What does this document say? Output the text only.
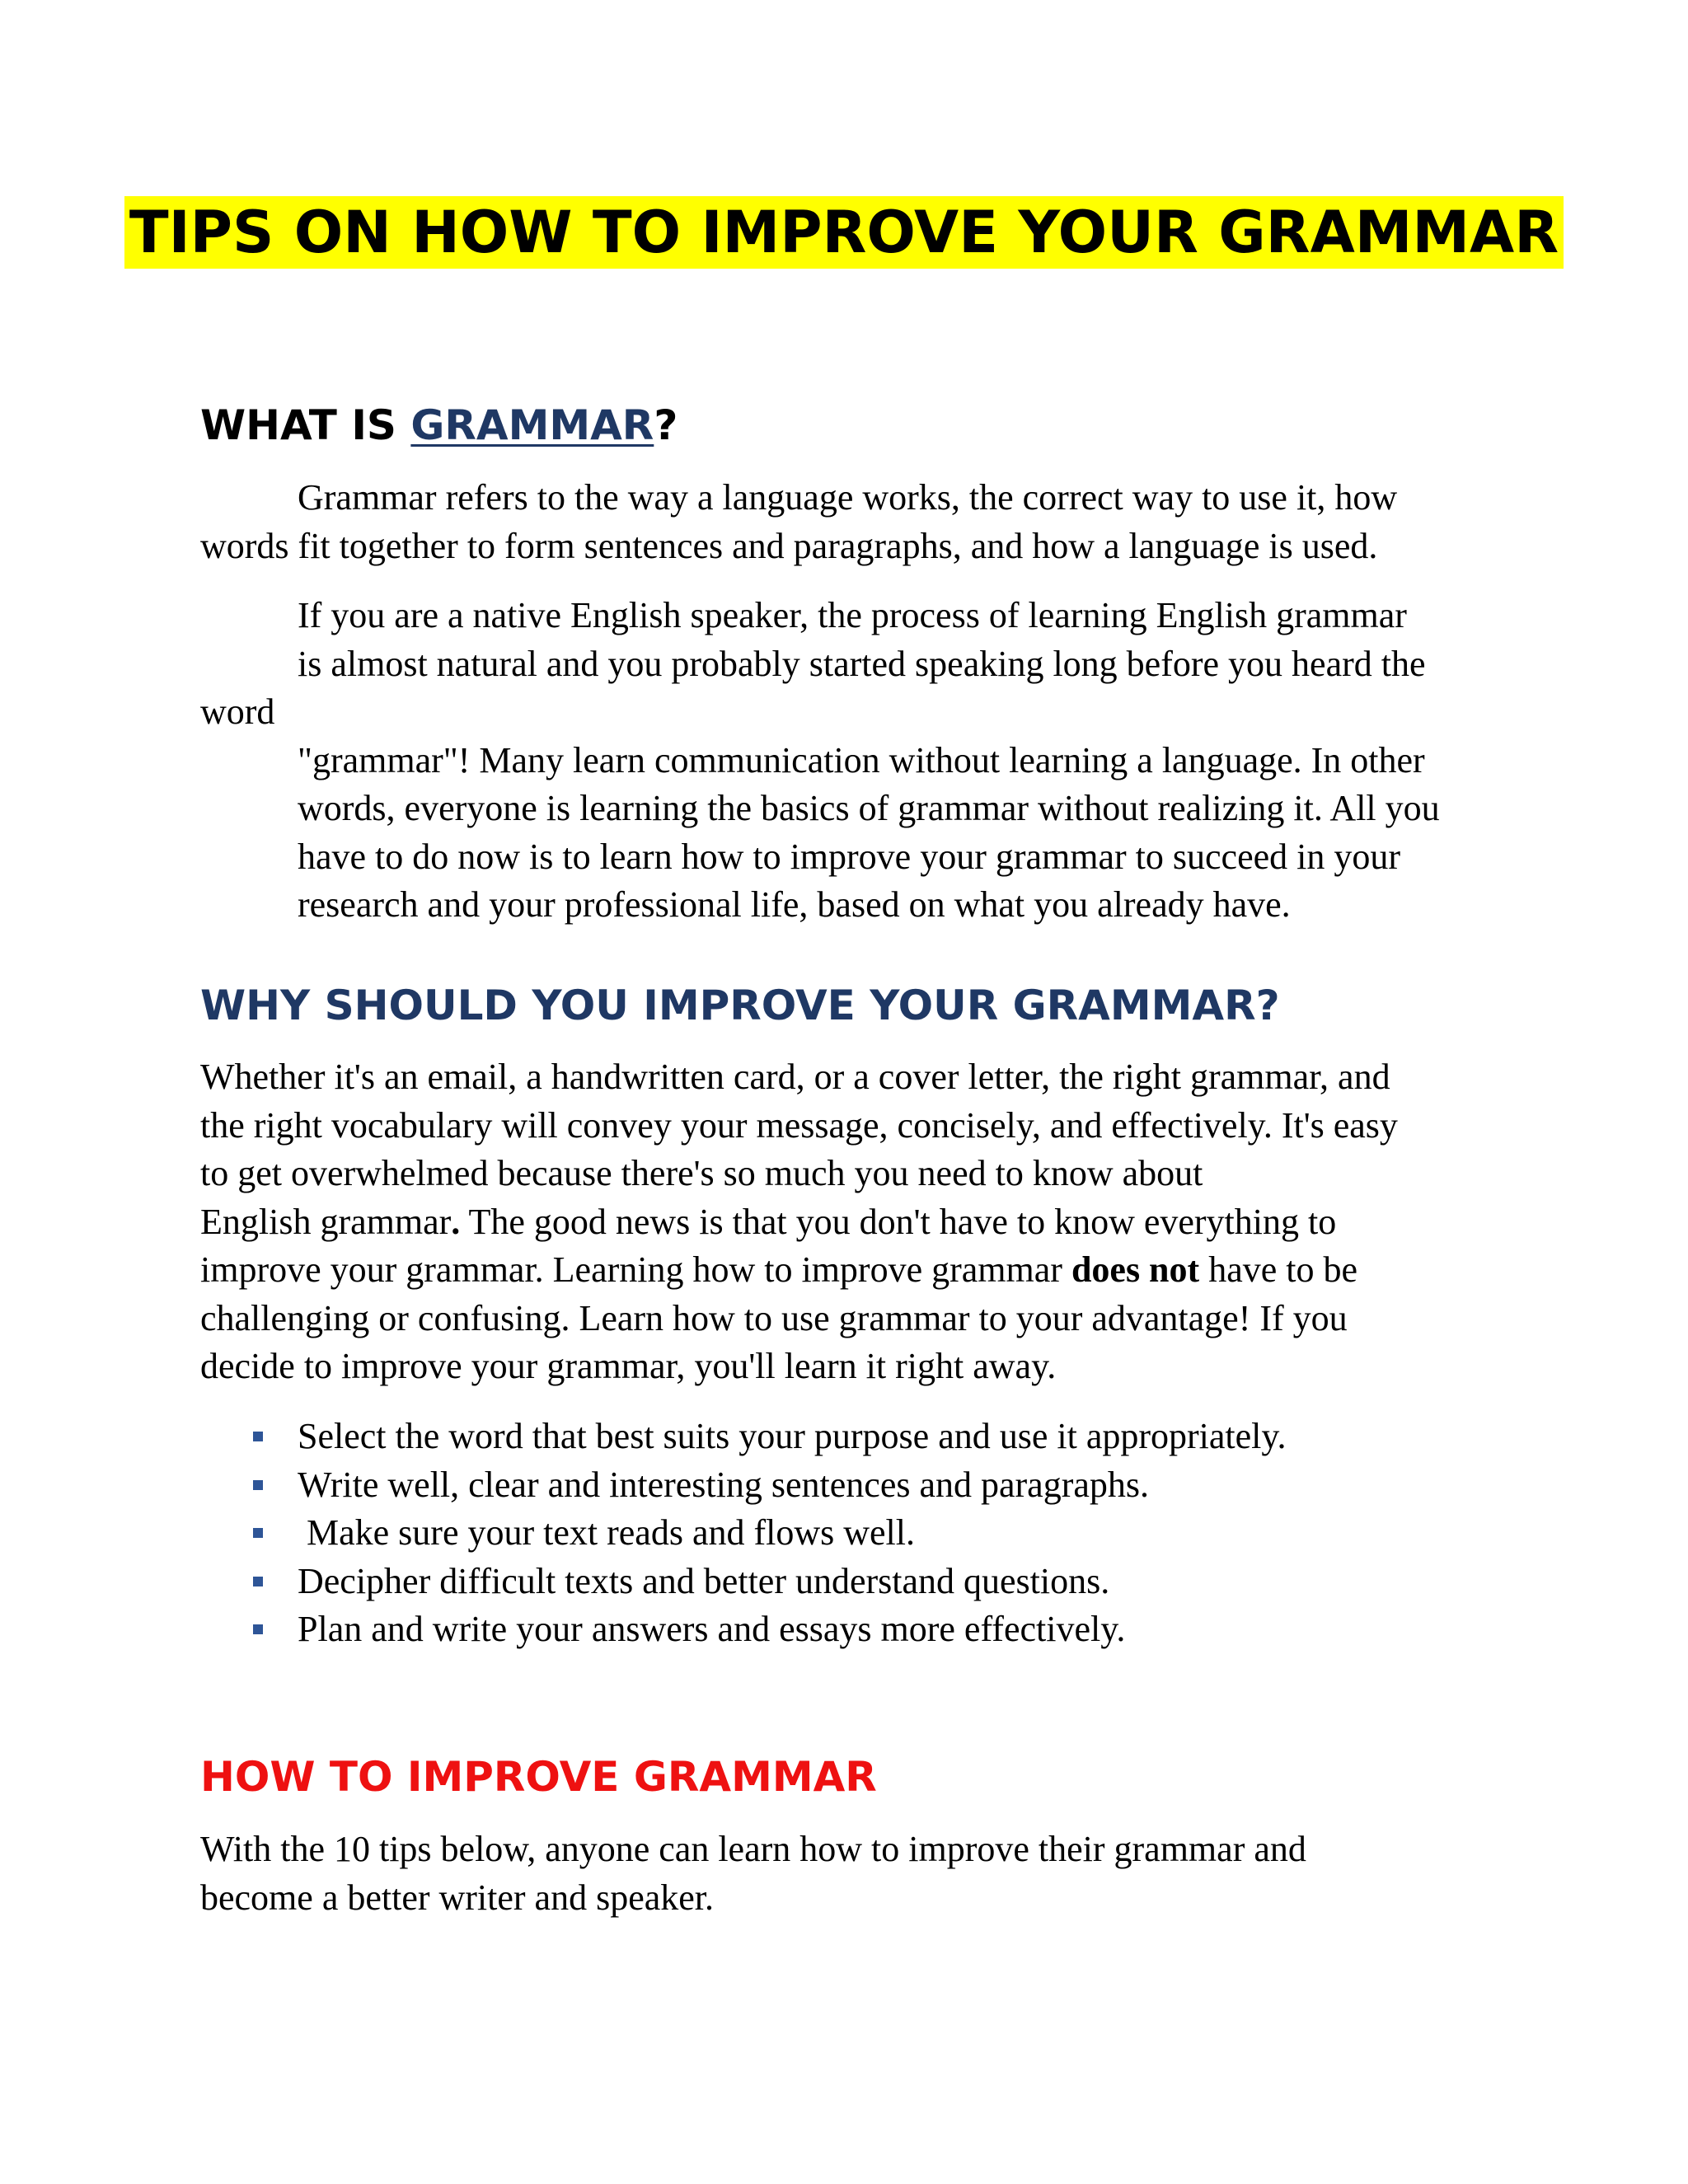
TIPS ON HOW TO IMPROVE YOUR GRAMMAR
WHAT IS GRAMMAR?

Grammar refers to the way a language works, the correct way to use it, how
words fit together to form sentences and paragraphs, and how a language is used.

If you are a native English speaker, the process of learning English grammar
is almost natural and you probably started speaking long before you heard the word
"grammar"! Many learn communication without learning a language. In other
words, everyone is learning the basics of grammar without realizing it. All you
have to do now is to learn how to improve your grammar to succeed in your
research and your professional life, based on what you already have.

WHY SHOULD YOU IMPROVE YOUR GRAMMAR?

Whether it's an email, a handwritten card, or a cover letter, the right grammar, and
the right vocabulary will convey your message, concisely, and effectively. It's easy
to get overwhelmed because there's so much you need to know about
English grammar. The good news is that you don't have to know everything to
improve your grammar. Learning how to improve grammar does not have to be
challenging or confusing. Learn how to use grammar to your advantage! If you
decide to improve your grammar, you'll learn it right away.

Select the word that best suits your purpose and use it appropriately.
Write well, clear and interesting sentences and paragraphs.
Make sure your text reads and flows well.
Decipher difficult texts and better understand questions.
Plan and write your answers and essays more effectively.
HOW TO IMPROVE GRAMMAR

With the 10 tips below, anyone can learn how to improve their grammar and
become a better writer and speaker.
